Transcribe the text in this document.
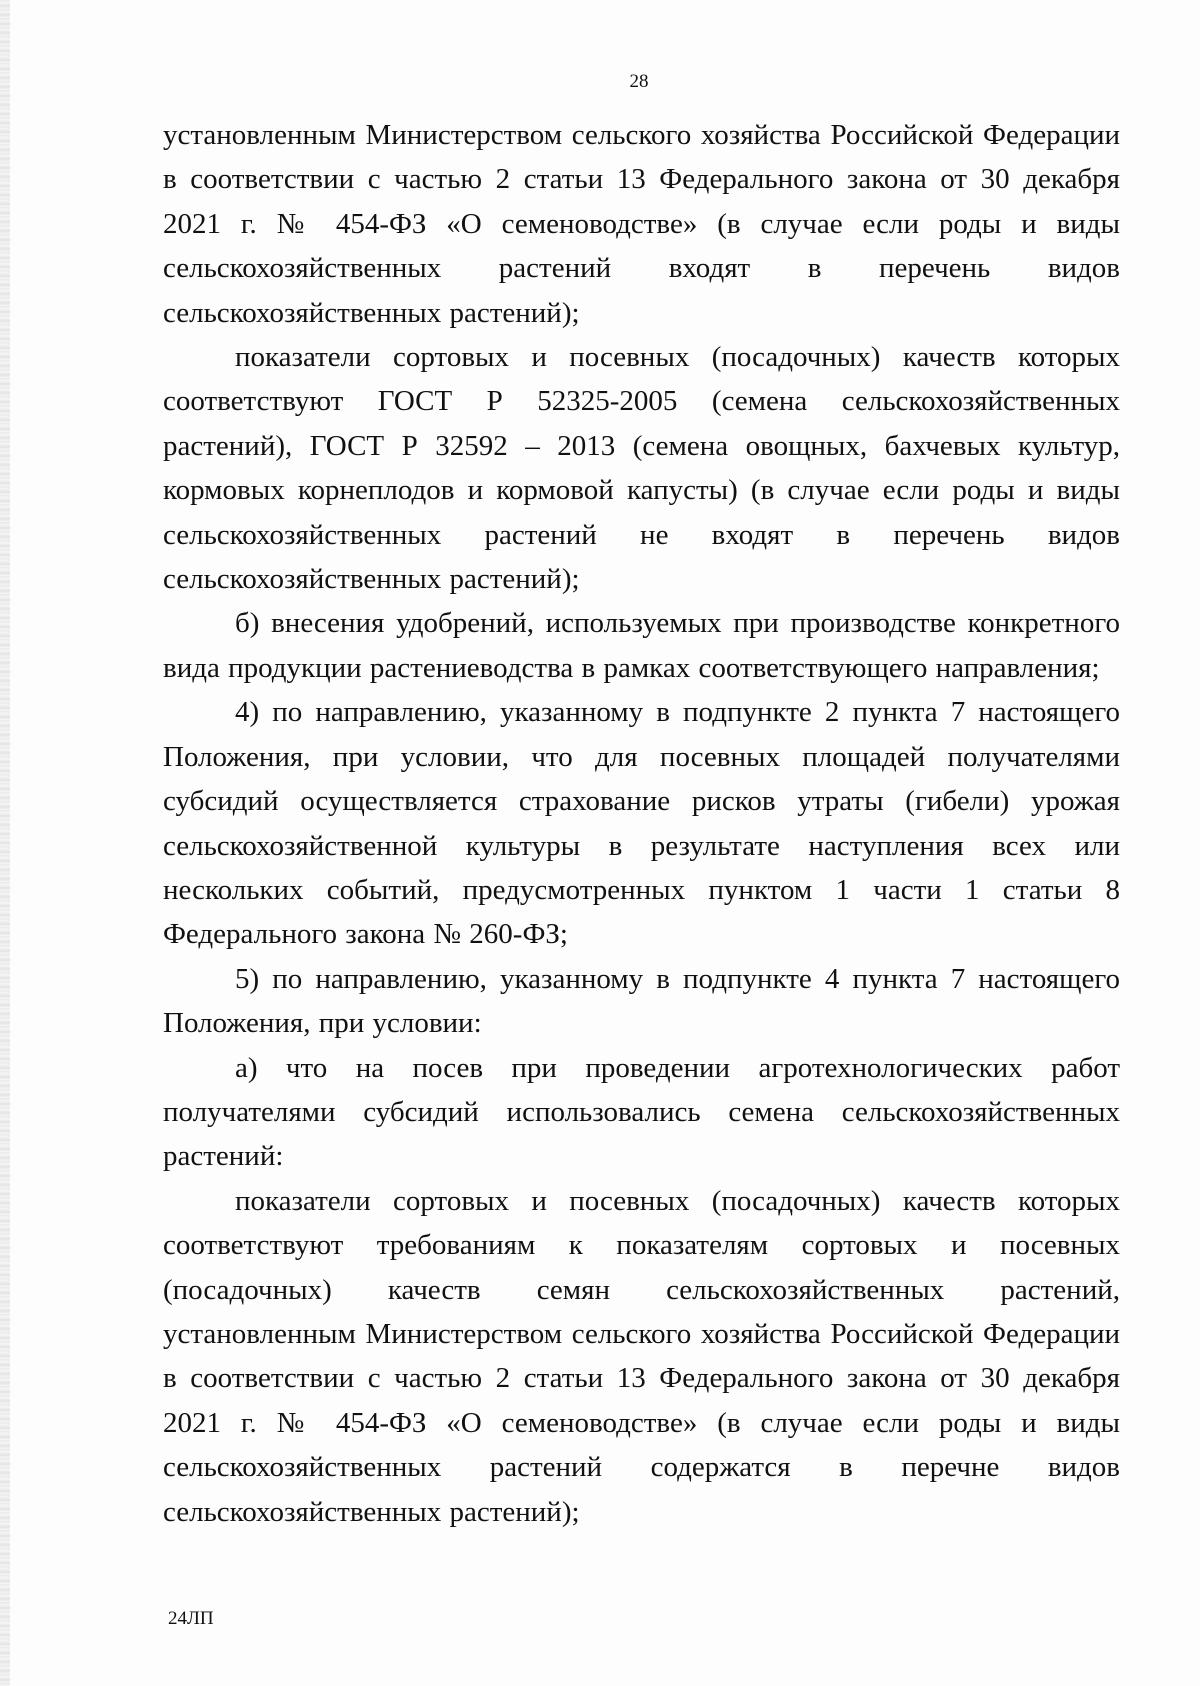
28

установленным Министерством сельского хозяйства Российской Федерации в соответствии с частью 2 статьи 13 Федерального закона от 30 декабря 2021 г. № 454-ФЗ «О семеноводстве» (в случае если роды и виды сельскохозяйственных растений входят в перечень видов сельскохозяйственных растений);

показатели сортовых и посевных (посадочных) качеств которых соответствуют ГОСТ Р 52325-2005 (семена сельскохозяйственных растений), ГОСТ Р 32592 – 2013 (семена овощных, бахчевых культур, кормовых корнеплодов и кормовой капусты) (в случае если роды и виды сельскохозяйственных растений не входят в перечень видов сельскохозяйственных растений);

б) внесения удобрений, используемых при производстве конкретного вида продукции растениеводства в рамках соответствующего направления;

4) по направлению, указанному в подпункте 2 пункта 7 настоящего Положения, при условии, что для посевных площадей получателями субсидий осуществляется страхование рисков утраты (гибели) урожая сельскохозяйственной культуры в результате наступления всех или нескольких событий, предусмотренных пунктом 1 части 1 статьи 8 Федерального закона № 260-ФЗ;

5) по направлению, указанному в подпункте 4 пункта 7 настоящего Положения, при условии:

а) что на посев при проведении агротехнологических работ получателями субсидий использовались семена сельскохозяйственных растений:

показатели сортовых и посевных (посадочных) качеств которых соответствуют требованиям к показателям сортовых и посевных (посадочных) качеств семян сельскохозяйственных растений, установленным Министерством сельского хозяйства Российской Федерации в соответствии с частью 2 статьи 13 Федерального закона от 30 декабря 2021 г. № 454-ФЗ «О семеноводстве» (в случае если роды и виды сельскохозяйственных растений содержатся в перечне видов сельскохозяйственных растений);

24ЛП
